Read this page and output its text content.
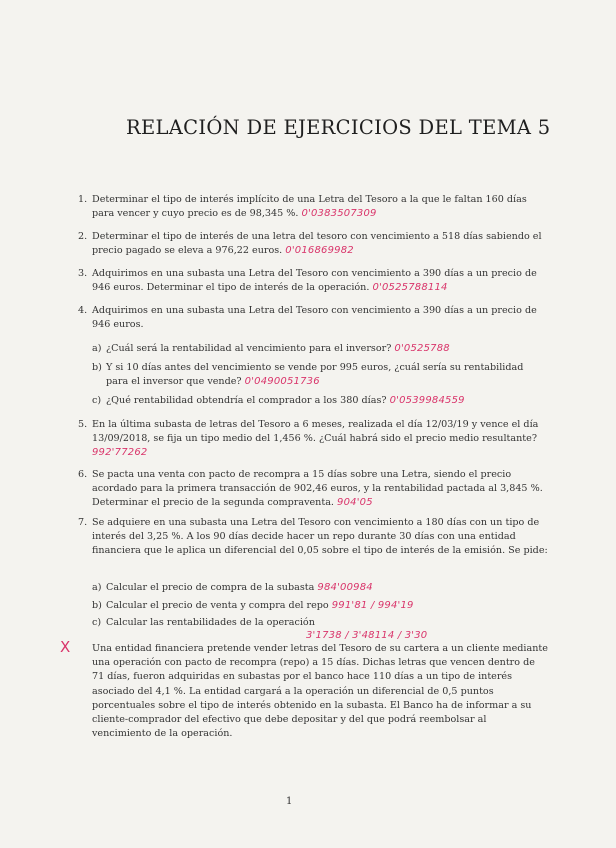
RELACIÓN DE EJERCICIOS DEL TEMA 5
1. Determinar el tipo de interés implícito de una Letra del Tesoro a la que le faltan 160 días para vencer y cuyo precio es de 98,345 %. 0'0383507309
2. Determinar el tipo de interés de una letra del tesoro con vencimiento a 518 días sabiendo el precio pagado se eleva a 976,22 euros. 0'016869982
3. Adquirimos en una subasta una Letra del Tesoro con vencimiento a 390 días a un precio de 946 euros. Determinar el tipo de interés de la operación. 0'0525788114
4. Adquirimos en una subasta una Letra del Tesoro con vencimiento a 390 días a un precio de 946 euros.
a) ¿Cuál será la rentabilidad al vencimiento para el inversor? 0'0525788
b) Y si 10 días antes del vencimiento se vende por 995 euros, ¿cuál sería su rentabilidad para el inversor que vende? 0'0490051736
c) ¿Qué rentabilidad obtendría el comprador a los 380 días? 0'0539984559
5. En la última subasta de letras del Tesoro a 6 meses, realizada el día 12/03/19 y vence el día 13/09/2018, se fija un tipo medio del 1,456 %. ¿Cuál habrá sido el precio medio resultante? 992'77262
6. Se pacta una venta con pacto de recompra a 15 días sobre una Letra, siendo el precio acordado para la primera transacción de 902,46 euros, y la rentabilidad pactada al 3,845 %. Determinar el precio de la segunda compraventa. 904'05
7. Se adquiere en una subasta una Letra del Tesoro con vencimiento a 180 días con un tipo de interés del 3,25 %. A los 90 días decide hacer un repo durante 30 días con una entidad financiera que le aplica un diferencial del 0,05 sobre el tipo de interés de la emisión. Se pide:
a) Calcular el precio de compra de la subasta 984'00984
b) Calcular el precio de venta y compra del repo 991'81 / 994'19
c) Calcular las rentabilidades de la operación
3'1738 / 3'48114 / 3'30
X Una entidad financiera pretende vender letras del Tesoro de su cartera a un cliente mediante una operación con pacto de recompra (repo) a 15 días. Dichas letras que vencen dentro de 71 días, fueron adquiridas en subastas por el banco hace 110 días a un tipo de interés asociado del 4,1 %. La entidad cargará a la operación un diferencial de 0,5 puntos porcentuales sobre el tipo de interés obtenido en la subasta. El Banco ha de informar a su cliente-comprador del efectivo que debe depositar y del que podrá reembolsar al vencimiento de la operación.
1
